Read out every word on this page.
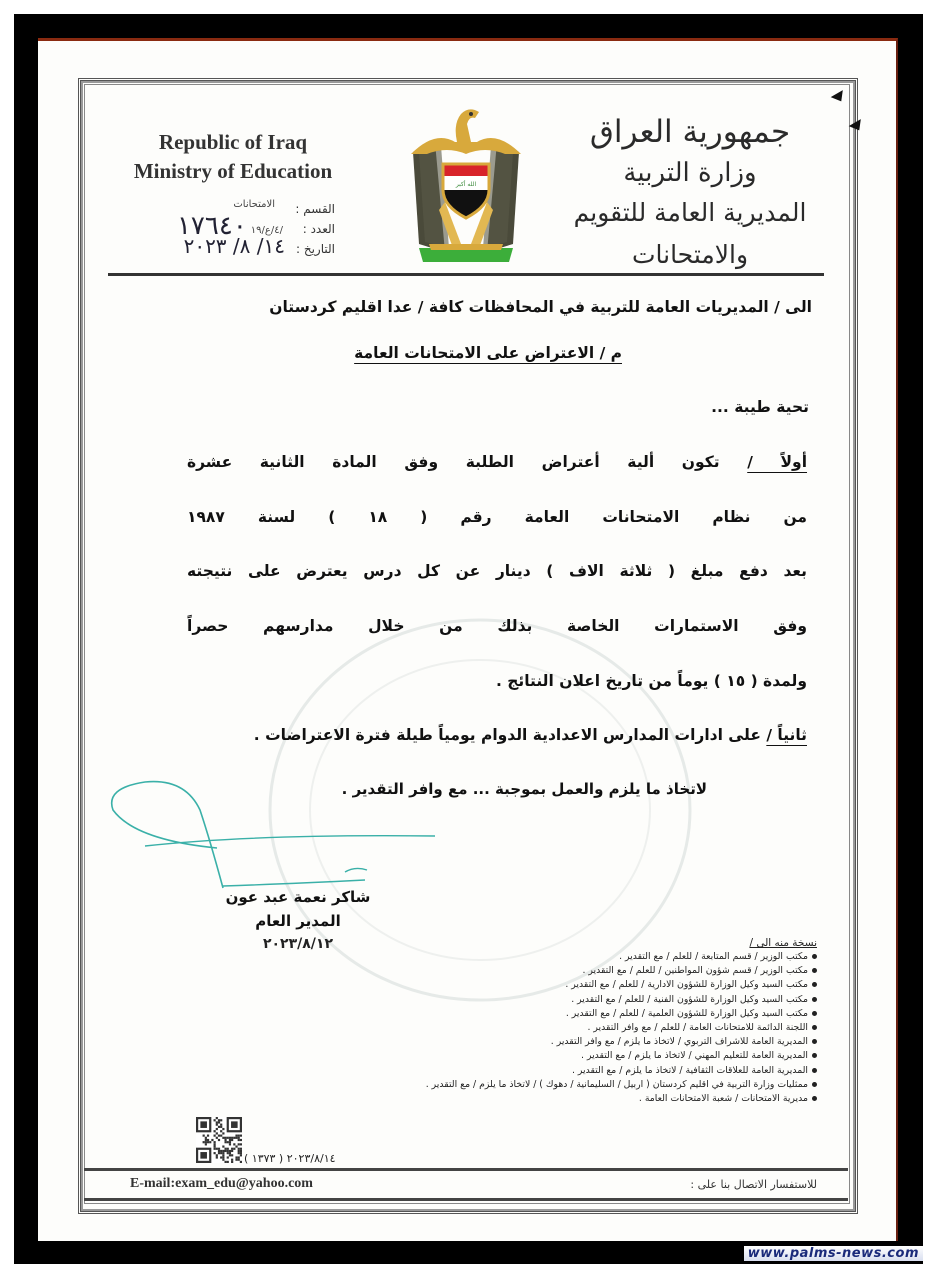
Republic of Iraq
Ministry of Education
القسم :
الامتحانات
العدد :
/٤/ع/١٩
١٧٦٤٠
التاريخ :
١٤/ ٨/ ٢٠٢٣
الله أكبر
جمهورية العراق
وزارة التربية
المديرية العامة للتقويم والامتحانات
الى / المديريات العامة للتربية في المحافظات كافة / عدا اقليم كردستان
م / الاعتراض على الامتحانات العامة
تحية طيبة ...
أولاً / تكون ألية أعتراض الطلبة وفق المادة الثانية عشرة
من نظام الامتحانات العامة رقم ( ١٨ ) لسنة ١٩٨٧
بعد دفع مبلغ ( ثلاثة الاف ) دينار عن كل درس يعترض على نتيجته
وفق الاستمارات الخاصة بذلك من خلال مدارسهم حصراً
ولمدة ( ١٥ ) يوماً من تاريخ اعلان النتائج .
ثانياً / على ادارات المدارس الاعدادية الدوام يومياً طيلة فترة الاعتراضات .
لاتخاذ ما يلزم والعمل بموجبة ... مع وافر التقدير .
شاكر نعمة عبد عون
المدير العام
٢٠٢٣/٨/١٢	نسخة منه الى /
مكتب الوزير / قسم المتابعة / للعلم / مع التقدير .
مكتب الوزير / قسم شؤون المواطنين / للعلم / مع التقدير .
مكتب السيد وكيل الوزارة للشؤون الادارية / للعلم / مع التقدير .
مكتب السيد وكيل الوزارة للشؤون الفنية / للعلم / مع التقدير .
مكتب السيد وكيل الوزارة للشؤون العلمية / للعلم / مع التقدير .
اللجنة الدائمة للامتحانات العامة / للعلم / مع وافر التقدير .
المديرية العامة للاشراف التربوي / لاتخاذ ما يلزم / مع وافر التقدير .
المديرية العامة للتعليم المهني / لاتخاذ ما يلزم / مع التقدير .
المديرية العامة للعلاقات الثقافية / لاتخاذ ما يلزم / مع التقدير .
ممثليات وزارة التربية في اقليم كردستان ( اربيل / السليمانية / دهوك ) / لاتخاذ ما يلزم / مع التقدير .
مديرية الامتحانات / شعبة الامتحانات العامة .
٢٠٢٣/٨/١٤ ( ١٣٧٣ )
E-mail:exam_edu@yahoo.com	للاستفسار الاتصال بنا على :
www.palms-news.com
